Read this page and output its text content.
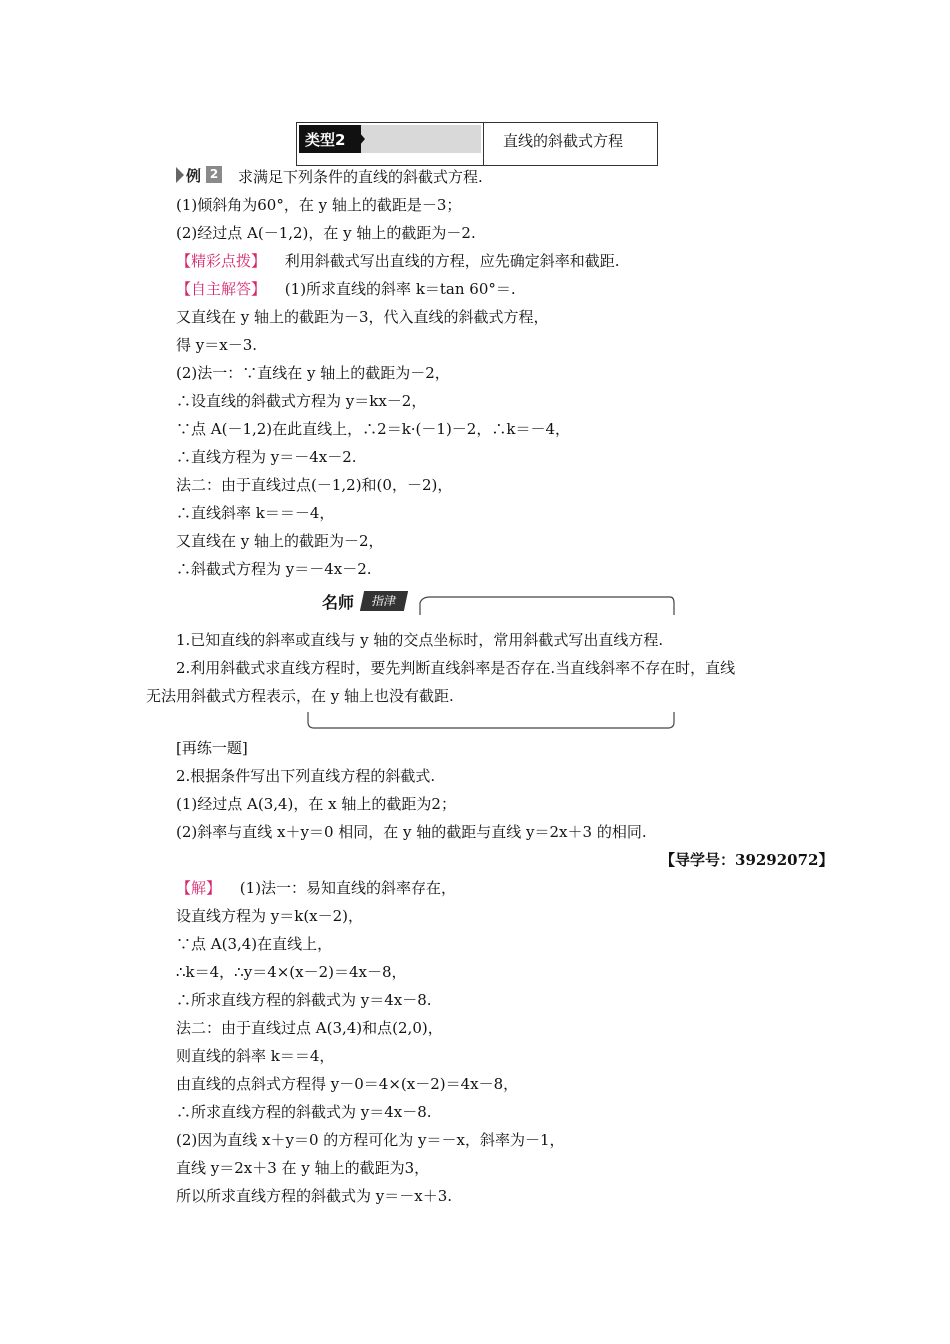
类型2	直线的斜截式方程
例 2 求满足下列条件的直线的斜截式方程.
(1)倾斜角为60°，在 y 轴上的截距是－3；
(2)经过点 A(－1,2)，在 y 轴上的截距为－2.
【精彩点拨】 利用斜截式写出直线的方程，应先确定斜率和截距.
【自主解答】 (1)所求直线的斜率 k＝tan 60°＝.
又直线在 y 轴上的截距为－3，代入直线的斜截式方程，
得 y＝x－3.
(2)法一：∵直线在 y 轴上的截距为－2，
∴设直线的斜截式方程为 y＝kx－2，
∵点 A(－1,2)在此直线上，∴2＝k·(－1)－2，∴k＝－4，
∴直线方程为 y＝－4x－2.
法二：由于直线过点(－1,2)和(0，－2)，
∴直线斜率 k＝＝－4，
又直线在 y 轴上的截距为－2，
∴斜截式方程为 y＝－4x－2.
名师	指津
1.已知直线的斜率或直线与 y 轴的交点坐标时，常用斜截式写出直线方程.
2.利用斜截式求直线方程时，要先判断直线斜率是否存在.当直线斜率不存在时，直线
无法用斜截式方程表示，在 y 轴上也没有截距.
[再练一题]
2.根据条件写出下列直线方程的斜截式.
(1)经过点 A(3,4)，在 x 轴上的截距为2；
(2)斜率与直线 x＋y＝0 相同，在 y 轴的截距与直线 y＝2x＋3 的相同.
【导学号：39292072】
【解】 (1)法一：易知直线的斜率存在，
设直线方程为 y＝k(x－2)，
∵点 A(3,4)在直线上，
∴k＝4，∴y＝4×(x－2)＝4x－8，
∴所求直线方程的斜截式为 y＝4x－8.
法二：由于直线过点 A(3,4)和点(2,0)，
则直线的斜率 k＝＝4，
由直线的点斜式方程得 y－0＝4×(x－2)＝4x－8，
∴所求直线方程的斜截式为 y＝4x－8.
(2)因为直线 x＋y＝0 的方程可化为 y＝－x，斜率为－1，
直线 y＝2x＋3 在 y 轴上的截距为3，
所以所求直线方程的斜截式为 y＝－x＋3.
